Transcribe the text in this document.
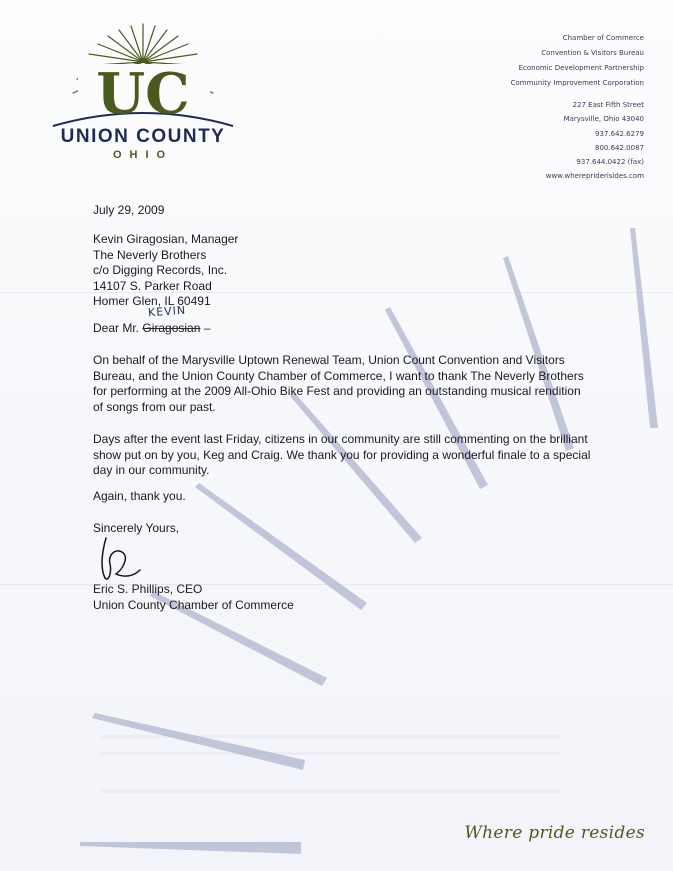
UC
UNION COUNTY
OHIO
Chamber of Commerce
Convention & Visitors Bureau
Economic Development Partnership
Community Improvement Corporation
227 East Fifth Street
Marysville, Ohio 43040
937.642.6279
800.642.0087
937.644.0422 (fax)
www.wherepriderisides.com
July 29, 2009
Kevin Giragosian, Manager
The Neverly Brothers
c/o Digging Records, Inc.
14107 S. Parker Road
Homer Glen, IL 60491
KEVIN
Dear Mr. Giragosian –
On behalf of the Marysville Uptown Renewal Team, Union Count Convention and Visitors Bureau, and the Union County Chamber of Commerce, I want to thank The Neverly Brothers for performing at the 2009 All-Ohio Bike Fest and providing an outstanding musical rendition of songs from our past.
Days after the event last Friday, citizens in our community are still commenting on the brilliant show put on by you, Keg and Craig. We thank you for providing a wonderful finale to a special day in our community.
Again, thank you.
Sincerely Yours,
Eric S. Phillips, CEO
Union County Chamber of Commerce
Where pride resides
